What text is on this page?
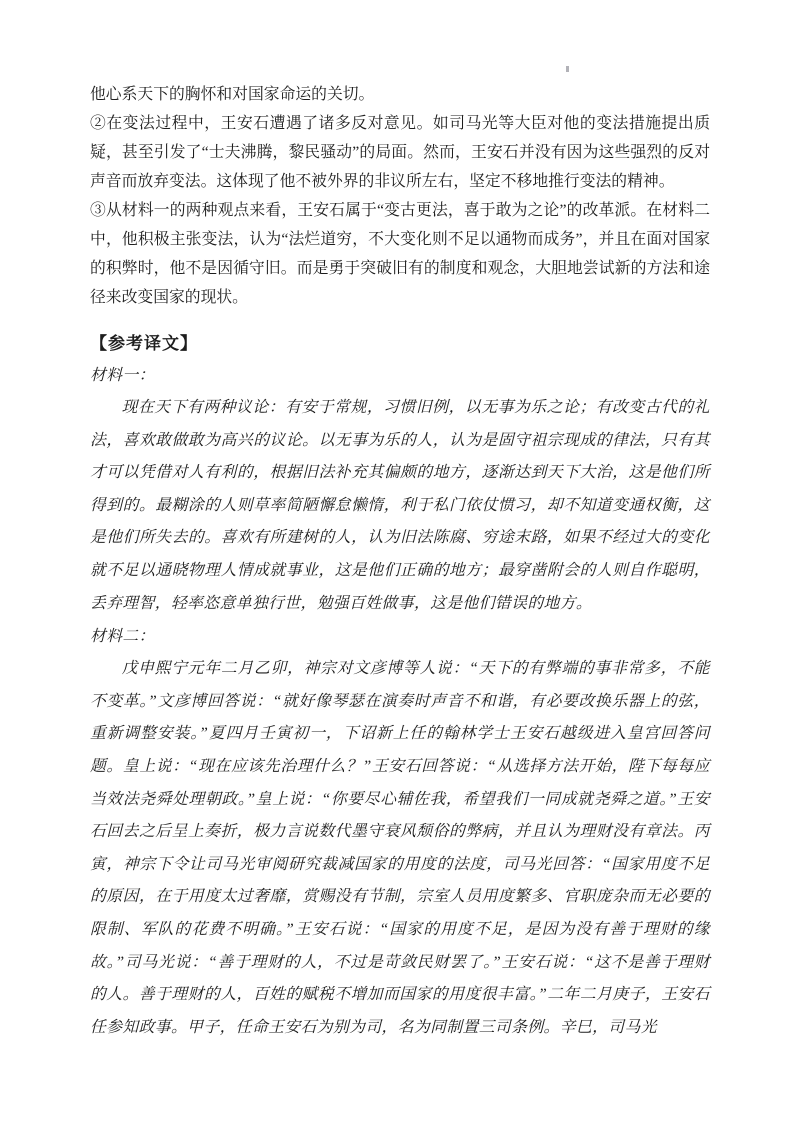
他心系天下的胸怀和对国家命运的关切。

②在变法过程中，王安石遭遇了诸多反对意见。如司马光等大臣对他的变法措施提出质疑，甚至引发了“士夫沸腾，黎民骚动”的局面。然而，王安石并没有因为这些强烈的反对声音而放弃变法。这体现了他不被外界的非议所左右，坚定不移地推行变法的精神。

③从材料一的两种观点来看，王安石属于“变古更法，喜于敢为之论”的改革派。在材料二中，他积极主张变法，认为“法烂道穷，不大变化则不足以通物而成务”，并且在面对国家的积弊时，他不是因循守旧。而是勇于突破旧有的制度和观念，大胆地尝试新的方法和途径来改变国家的现状。

【参考译文】

材料一：

现在天下有两种议论：有安于常规，习惯旧例，以无事为乐之论；有改变古代的礼法，喜欢敢做敢为高兴的议论。以无事为乐的人，认为是固守祖宗现成的律法，只有其才可以凭借对人有利的，根据旧法补充其偏颇的地方，逐渐达到天下大治，这是他们所得到的。最糊涂的人则草率简陋懈怠懒惰，利于私门依仗惯习，却不知道变通权衡，这是他们所失去的。喜欢有所建树的人，认为旧法陈腐、穷途末路，如果不经过大的变化就不足以通晓物理人情成就事业，这是他们正确的地方；最穿凿附会的人则自作聪明，丢弃理智，轻率恣意单独行世，勉强百姓做事，这是他们错误的地方。

材料二：

戊申熙宁元年二月乙卯，神宗对文彦博等人说：“天下的有弊端的事非常多，不能不变革。”文彦博回答说：“就好像琴瑟在演奏时声音不和谐，有必要改换乐器上的弦，重新调整安装。”夏四月壬寅初一，下诏新上任的翰林学士王安石越级进入皇宫回答问题。皇上说：“现在应该先治理什么？”王安石回答说：“从选择方法开始，陛下每每应当效法尧舜处理朝政。”皇上说：“你要尽心辅佐我，希望我们一同成就尧舜之道。”王安石回去之后呈上奏折，极力言说数代墨守衰风颓俗的弊病，并且认为理财没有章法。丙寅，神宗下令让司马光审阅研究裁减国家的用度的法度，司马光回答：“国家用度不足的原因，在于用度太过奢靡，赏赐没有节制，宗室人员用度繁多、官职庞杂而无必要的限制、军队的花费不明确。”王安石说：“国家的用度不足，是因为没有善于理财的缘故。”司马光说：“善于理财的人，不过是苛敛民财罢了。”王安石说：“这不是善于理财的人。善于理财的人，百姓的赋税不增加而国家的用度很丰富。”二年二月庚子，王安石任参知政事。甲子，任命王安石为别为司，名为同制置三司条例。辛巳，司马光
